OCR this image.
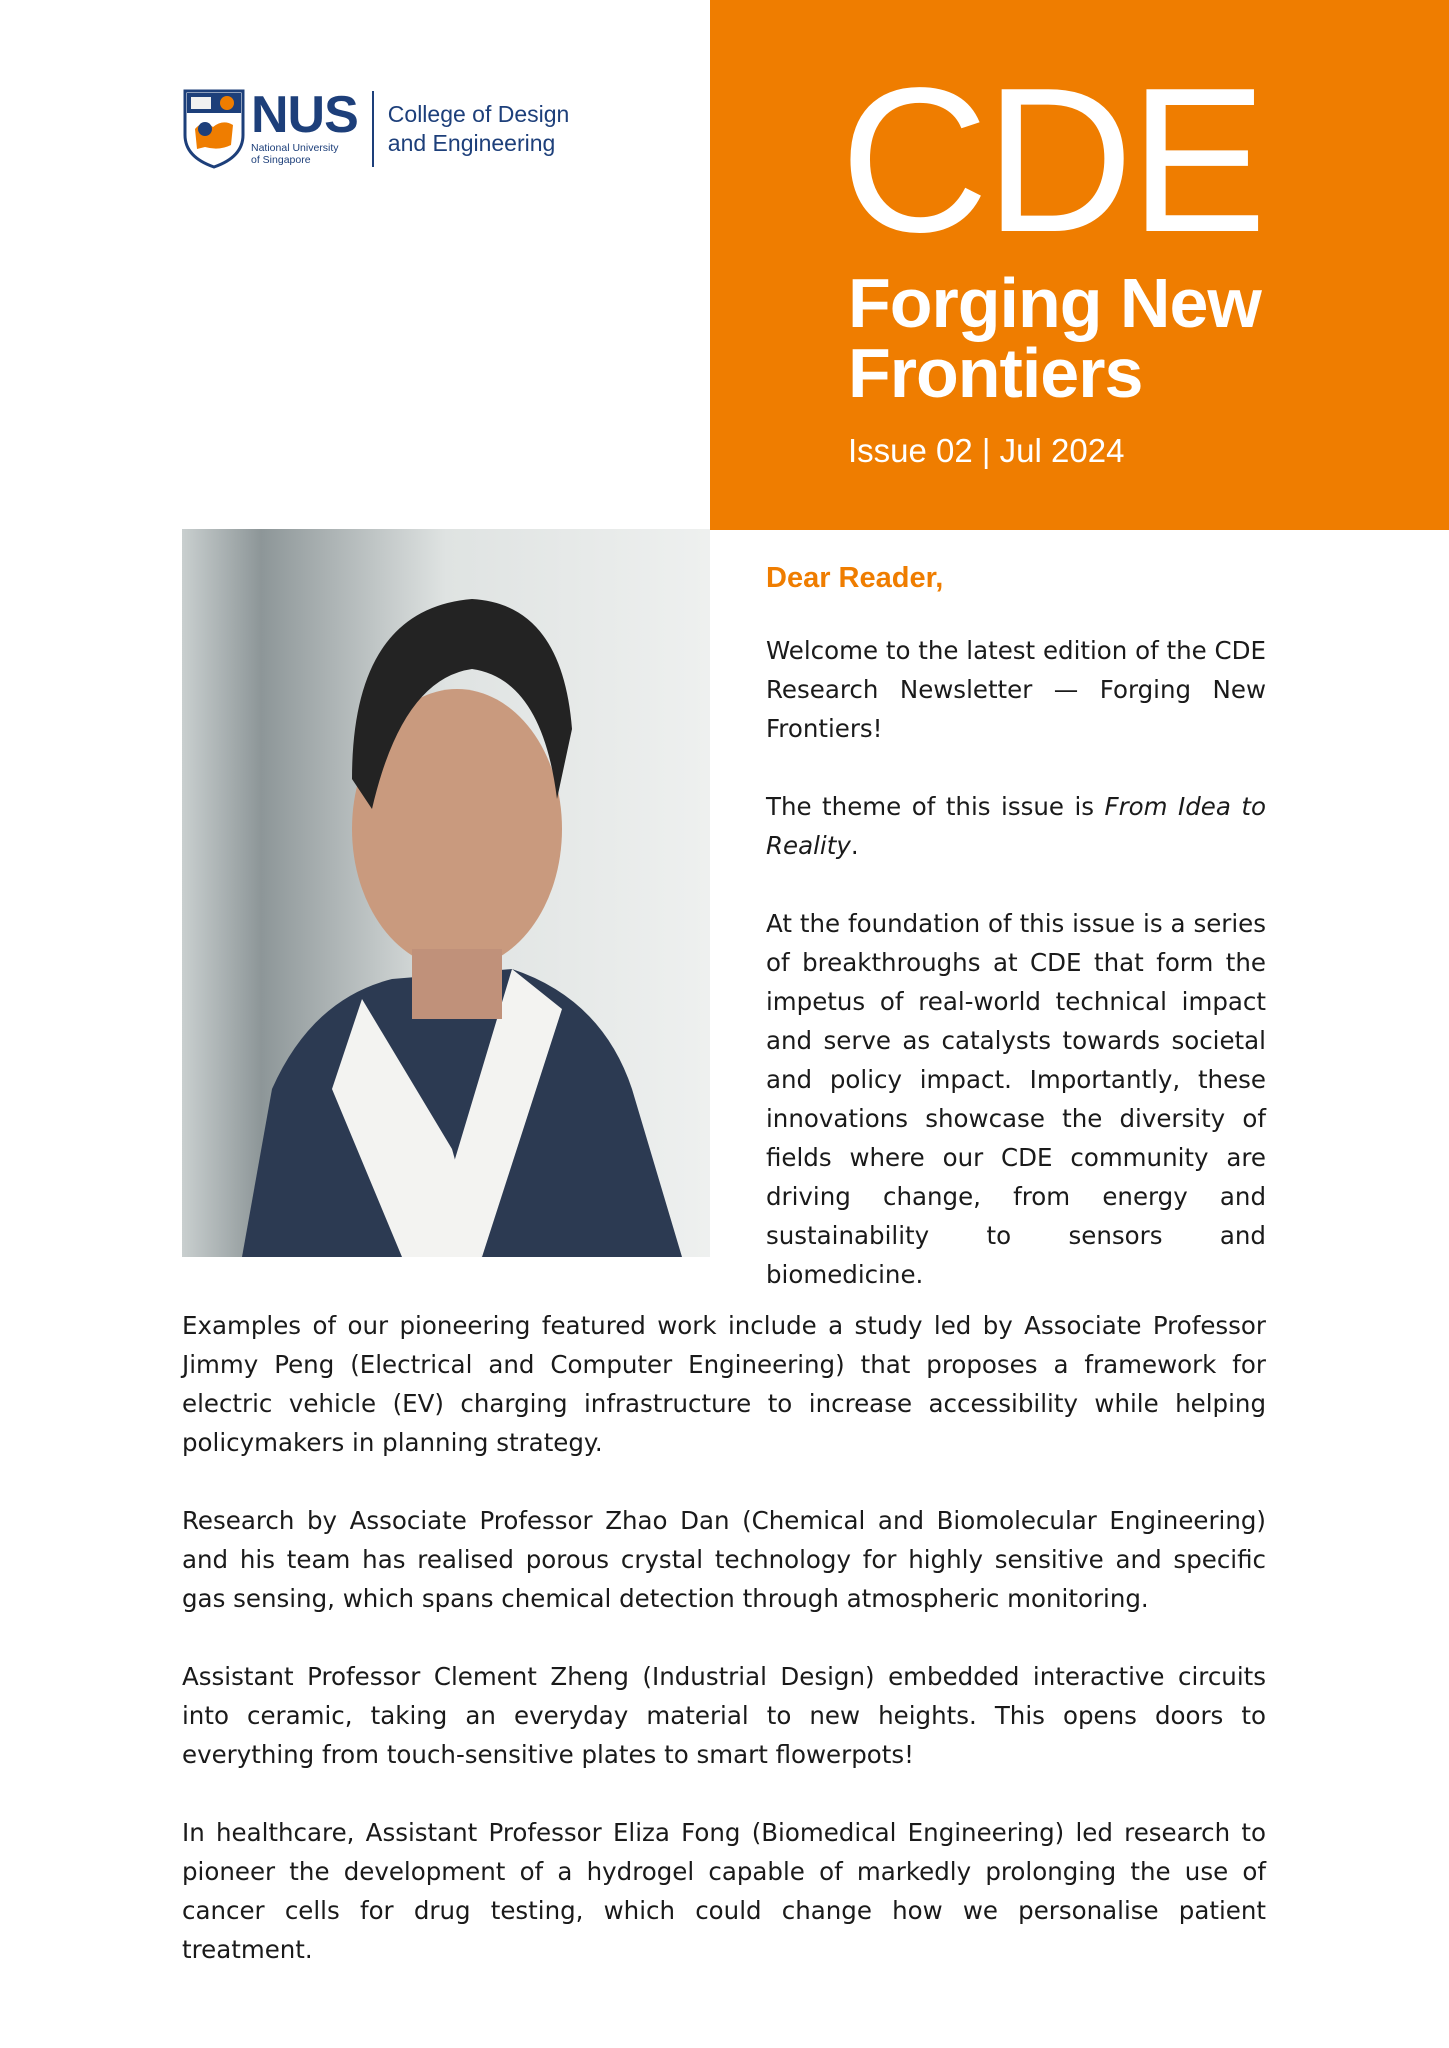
NUS
National University
of Singapore
College of Design
and Engineering CDE
Forging New
Frontiers
Issue 02 | Jul 2024
Dear Reader,

Welcome to the latest edition of the CDE Research Newsletter — Forging New Frontiers!

The theme of this issue is From Idea to Reality.

At the foundation of this issue is a series of breakthroughs at CDE that form the impetus of real-world technical impact and serve as catalysts towards societal and policy impact. Importantly, these innovations showcase the diversity of fields where our CDE community are driving change, from energy and sustainability to sensors and biomedicine.

Examples of our pioneering featured work include a study led by Associate Professor Jimmy Peng (Electrical and Computer Engineering) that proposes a framework for electric vehicle (EV) charging infrastructure to increase accessibility while helping policymakers in planning strategy.

Research by Associate Professor Zhao Dan (Chemical and Biomolecular Engineering) and his team has realised porous crystal technology for highly sensitive and specific gas sensing, which spans chemical detection through atmospheric monitoring.

Assistant Professor Clement Zheng (Industrial Design) embedded interactive circuits into ceramic, taking an everyday material to new heights. This opens doors to everything from touch-sensitive plates to smart flowerpots!

In healthcare, Assistant Professor Eliza Fong (Biomedical Engineering) led research to pioneer the development of a hydrogel capable of markedly prolonging the use of cancer cells for drug testing, which could change how we personalise patient treatment.
